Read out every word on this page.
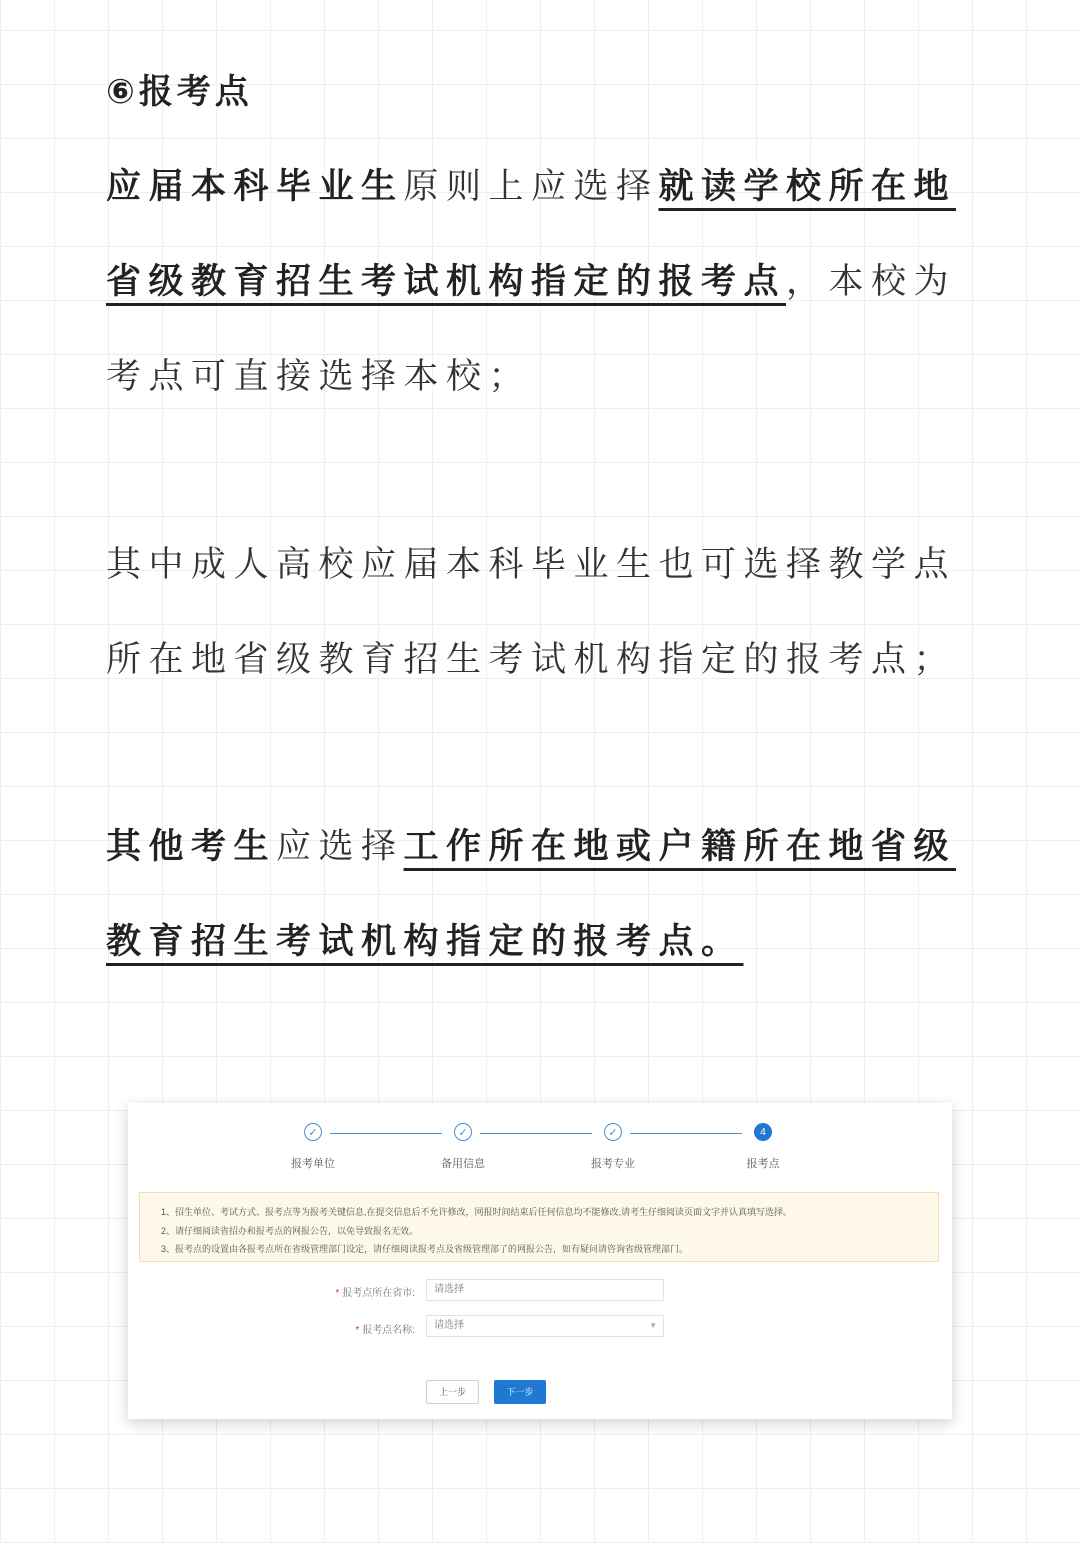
⑥报考点
应届本科毕业生原则上应选择就读学校所在地省级教育招生考试机构指定的报考点，本校为考点可直接选择本校；
其中成人高校应届本科毕业生也可选择教学点所在地省级教育招生考试机构指定的报考点；
其他考生应选择工作所在地或户籍所在地省级教育招生考试机构指定的报考点。
✓
报考单位
✓
备用信息
✓
报考专业
4
报考点
1、招生单位、考试方式、报考点等为报考关键信息,在提交信息后不允许修改，网报时间结束后任何信息均不能修改,请考生仔细阅读页面文字并认真填写选择。
2、请仔细阅读省招办和报考点的网报公告，以免导致报名无效。
3、报考点的设置由各报考点所在省级管理部门设定，请仔细阅读报考点及省级管理部了的网报公告，如有疑问请咨询省级管理部门。
* 报考点所在省市:	请选择
* 报考点名称:	请选择	▼
上一步	下一步
